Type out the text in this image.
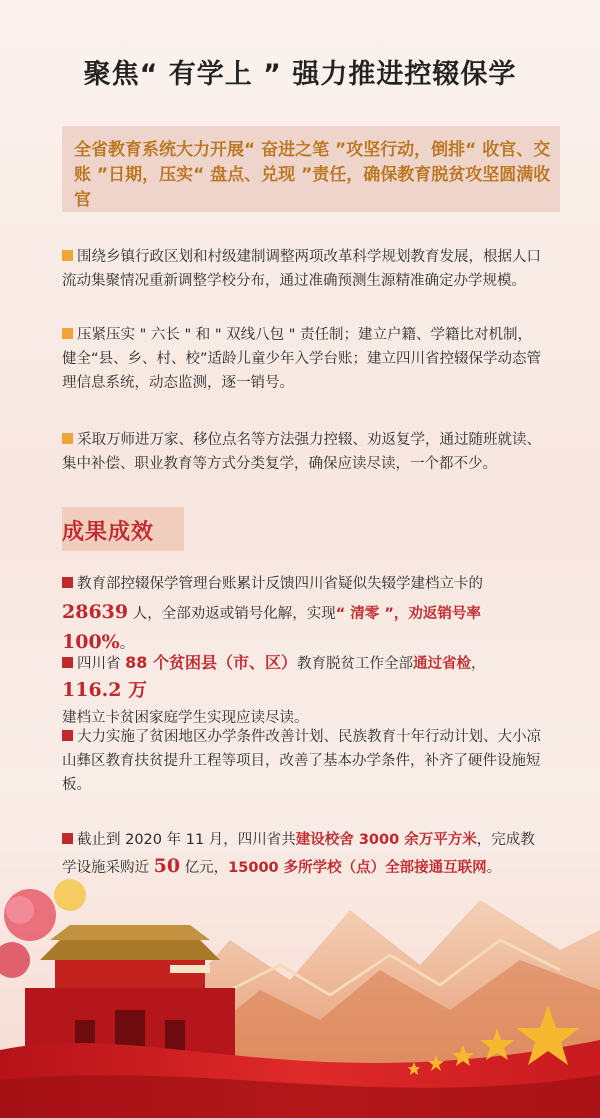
聚焦“ 有学上 ” 强力推进控辍保学

全省教育系统大力开展“ 奋进之笔 ”攻坚行动，倒排“ 收官、交账 ”日期，压实“ 盘点、兑现 ”责任，确保教育脱贫攻坚圆满收官

围绕乡镇行政区划和村级建制调整两项改革科学规划教育发展，根据人口流动集聚情况重新调整学校分布，通过准确预测生源精准确定办学规模。

压紧压实 " 六长 " 和 " 双线八包 " 责任制；建立户籍、学籍比对机制，健全“县、乡、村、校”适龄儿童少年入学台账；建立四川省控辍保学动态管理信息系统，动态监测，逐一销号。

采取万师进万家、移位点名等方法强力控辍、劝返复学，通过随班就读、集中补偿、职业教育等方式分类复学，确保应读尽读，一个都不少。

成果成效

教育部控辍保学管理台账累计反馈四川省疑似失辍学建档立卡的
28639 人，全部劝返或销号化解，实现“ 清零 ”，劝返销号率 100%。

四川省 88 个贫困县（市、区）教育脱贫工作全部通过省检，116.2 万
建档立卡贫困家庭学生实现应读尽读。

大力实施了贫困地区办学条件改善计划、民族教育十年行动计划、大小凉山彝区教育扶贫提升工程等项目，改善了基本办学条件，补齐了硬件设施短板。

截止到 2020 年 11 月，四川省共建设校舍 3000 余万平方米，完成教学设施采购近 50 亿元，15000 多所学校（点）全部接通互联网。
